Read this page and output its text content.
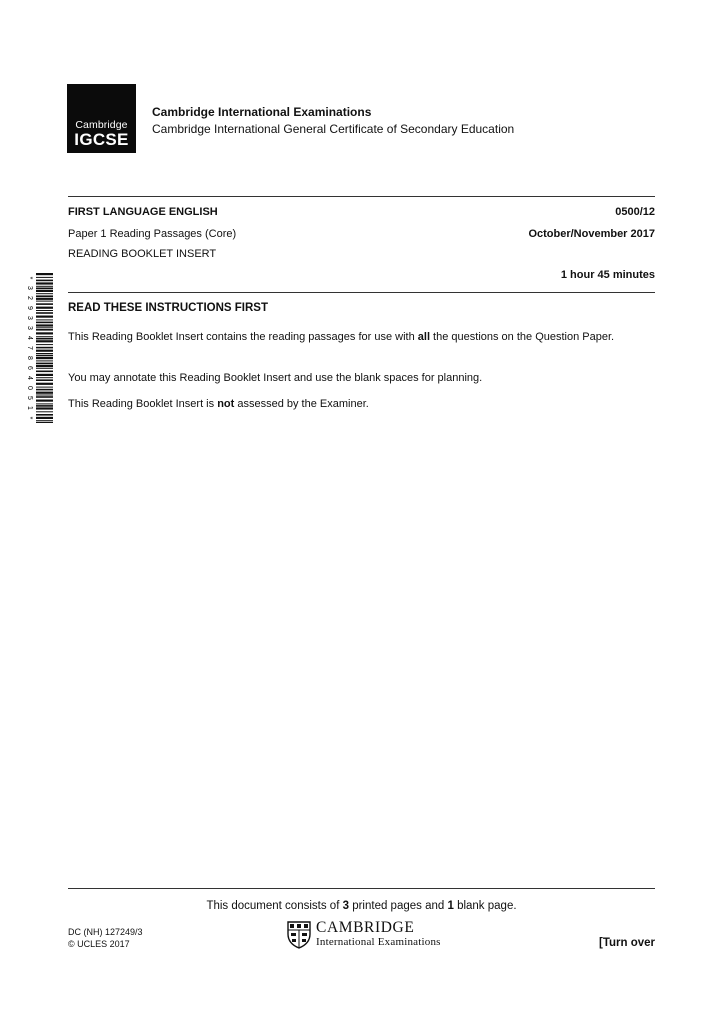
Cambridge
IGCSE
Cambridge International Examinations
Cambridge International General Certificate of Secondary Education
FIRST LANGUAGE ENGLISH	0500/12
Paper 1 Reading Passages (Core)	October/November 2017
READING BOOKLET INSERT
1 hour 45 minutes
*
3
2
9
3
3
4
7
8
6
4
0
5
1
*
READ THESE INSTRUCTIONS FIRST
This Reading Booklet Insert contains the reading passages for use with all the questions on the Question Paper.
You may annotate this Reading Booklet Insert and use the blank spaces for planning.
This Reading Booklet Insert is not assessed by the Examiner.
This document consists of 3 printed pages and 1 blank page.
DC (NH) 127249/3
© UCLES 2017
CAMBRIDGE
International Examinations	[Turn over
